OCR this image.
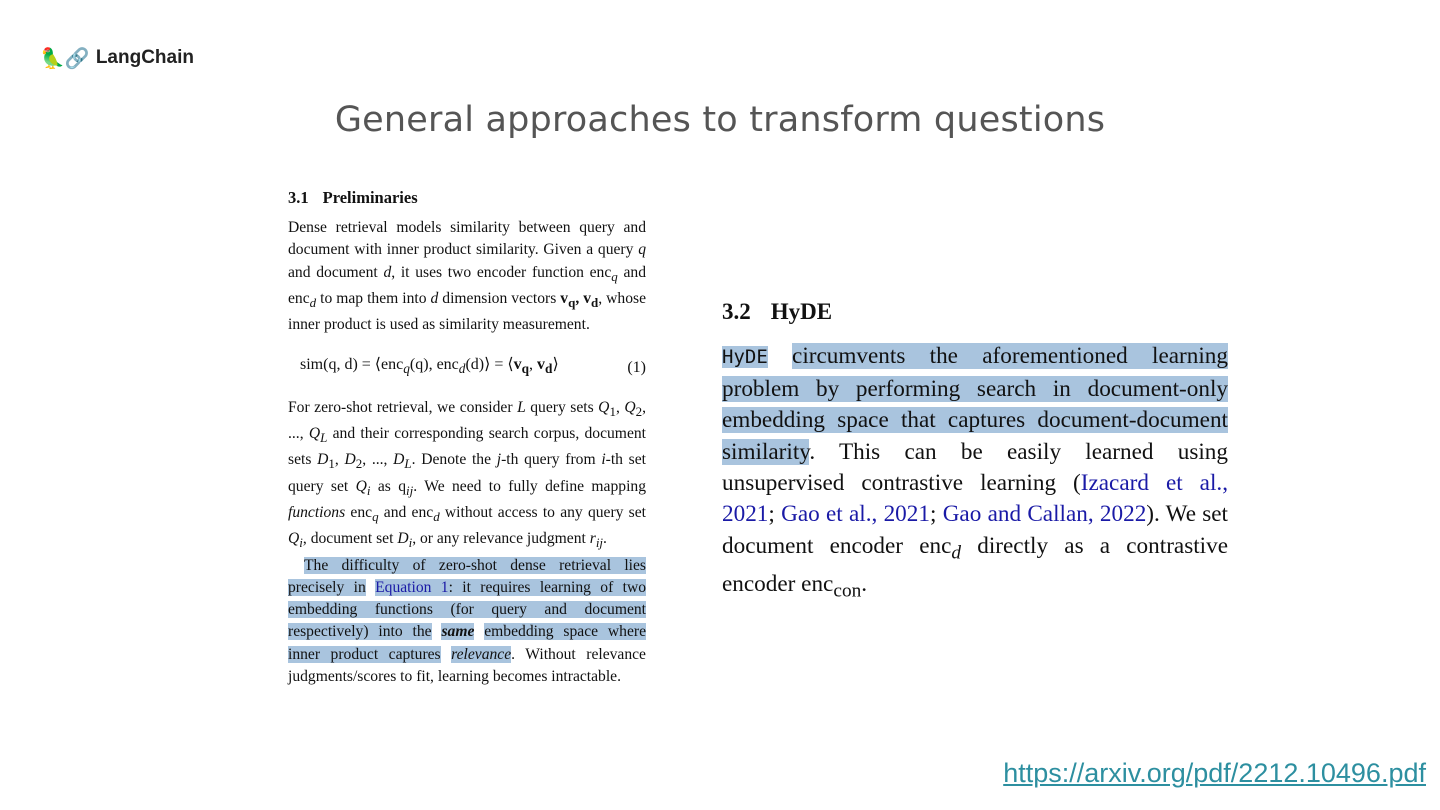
🦜🔗 LangChain
General approaches to transform questions
3.1 Preliminaries

Dense retrieval models similarity between query and document with inner product similarity. Given a query q and document d, it uses two encoder function enc$_q$ and enc$_d$ to map them into d dimension vectors $v_q$, $v_d$, whose inner product is used as similarity measurement.

sim(q, d) = ⟨enc$_q$(q), enc$_d$(d)⟩ = $⟨v_q$, $v_d⟩$	(1)

For zero-shot retrieval, we consider L query sets $Q_1$, $Q_2$, ..., $Q_L$ and their corresponding search corpus, document sets $D_1$, $D_2$, ..., $D_L$. Denote the j-th query from i-th set query set $Q_i$ as $q_{ij}$. We need to fully define mapping functions enc$_q$ and enc$_d$ without access to any query set $Q_i$, document set $D_i$, or any relevance judgment $r_{ij}$.

The difficulty of zero-shot dense retrieval lies precisely in Equation 1: it requires learning of two embedding functions (for query and document respectively) into the same embedding space where inner product captures relevance. Without relevance judgments/scores to fit, learning becomes intractable.

3.2 HyDE

HyDE circumvents the aforementioned learning problem by performing search in document-only embedding space that captures document-document similarity. This can be easily learned using unsupervised contrastive learning (Izacard et al., 2021; Gao et al., 2021; Gao and Callan, 2022). We set document encoder enc$_d$ directly as a contrastive encoder enc$_{con}$.

https://arxiv.org/pdf/2212.10496.pdf
